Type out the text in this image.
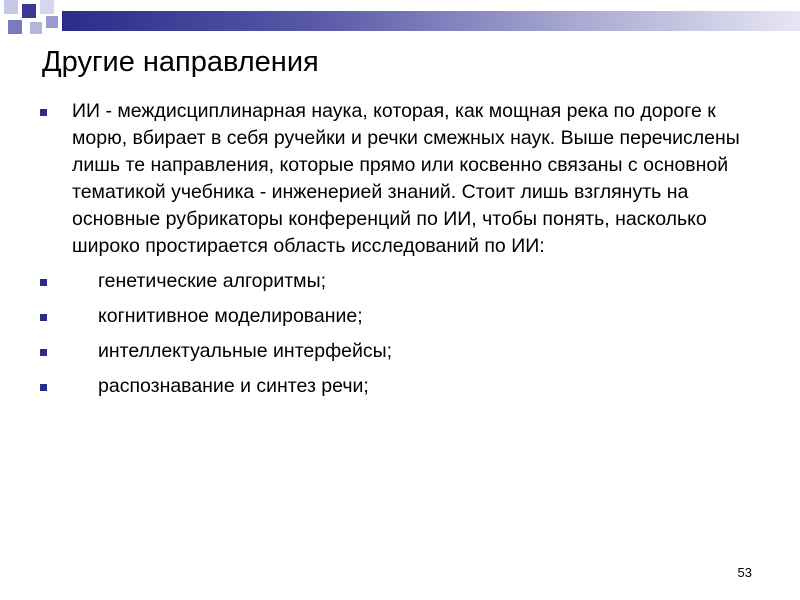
Другие направления
ИИ - междисциплинарная наука, которая, как мощная река по дороге к морю, вбирает в себя ручейки и речки смежных наук. Выше перечислены лишь те направления, которые прямо или косвенно связаны с основной тематикой учебника - инженерией знаний. Стоит лишь взглянуть на основные рубрикаторы конференций по ИИ, чтобы понять, насколько широко простирается область исследований по ИИ:
генетические алгоритмы;
когнитивное моделирование;
интеллектуальные интерфейсы;
распознавание и синтез речи;
53
